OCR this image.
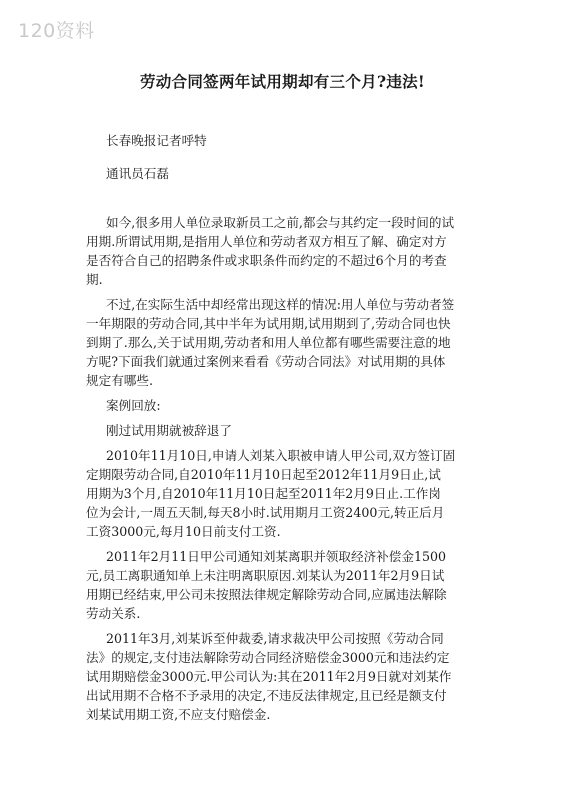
120资料
劳动合同签两年试用期却有三个月?违法!
长春晚报记者呼特
通讯员石磊
如今,很多用人单位录取新员工之前,都会与其约定一段时间的试
用期.所谓试用期,是指用人单位和劳动者双方相互了解、确定对方
是否符合自己的招聘条件或求职条件而约定的不超过6个月的考查
期.
不过,在实际生活中却经常出现这样的情况:用人单位与劳动者签
一年期限的劳动合同,其中半年为试用期,试用期到了,劳动合同也快
到期了.那么,关于试用期,劳动者和用人单位都有哪些需要注意的地
方呢?下面我们就通过案例来看看《劳动合同法》对试用期的具体
规定有哪些.
案例回放:
刚过试用期就被辞退了
2010年11月10日,申请人刘某入职被申请人甲公司,双方签订固
定期限劳动合同,自2010年11月10日起至2012年11月9日止,试
用期为3个月,自2010年11月10日起至2011年2月9日止.工作岗
位为会计,一周五天制,每天8小时.试用期月工资2400元,转正后月
工资3000元,每月10日前支付工资.
2011年2月11日甲公司通知刘某离职并领取经济补偿金1500
元,员工离职通知单上未注明离职原因.刘某认为2011年2月9日试
用期已经结束,甲公司未按照法律规定解除劳动合同,应属违法解除
劳动关系.
2011年3月,刘某诉至仲裁委,请求裁决甲公司按照《劳动合同
法》的规定,支付违法解除劳动合同经济赔偿金3000元和违法约定
试用期赔偿金3000元.甲公司认为:其在2011年2月9日就对刘某作
出试用期不合格不予录用的决定,不违反法律规定,且已经是额支付
刘某试用期工资,不应支付赔偿金.
